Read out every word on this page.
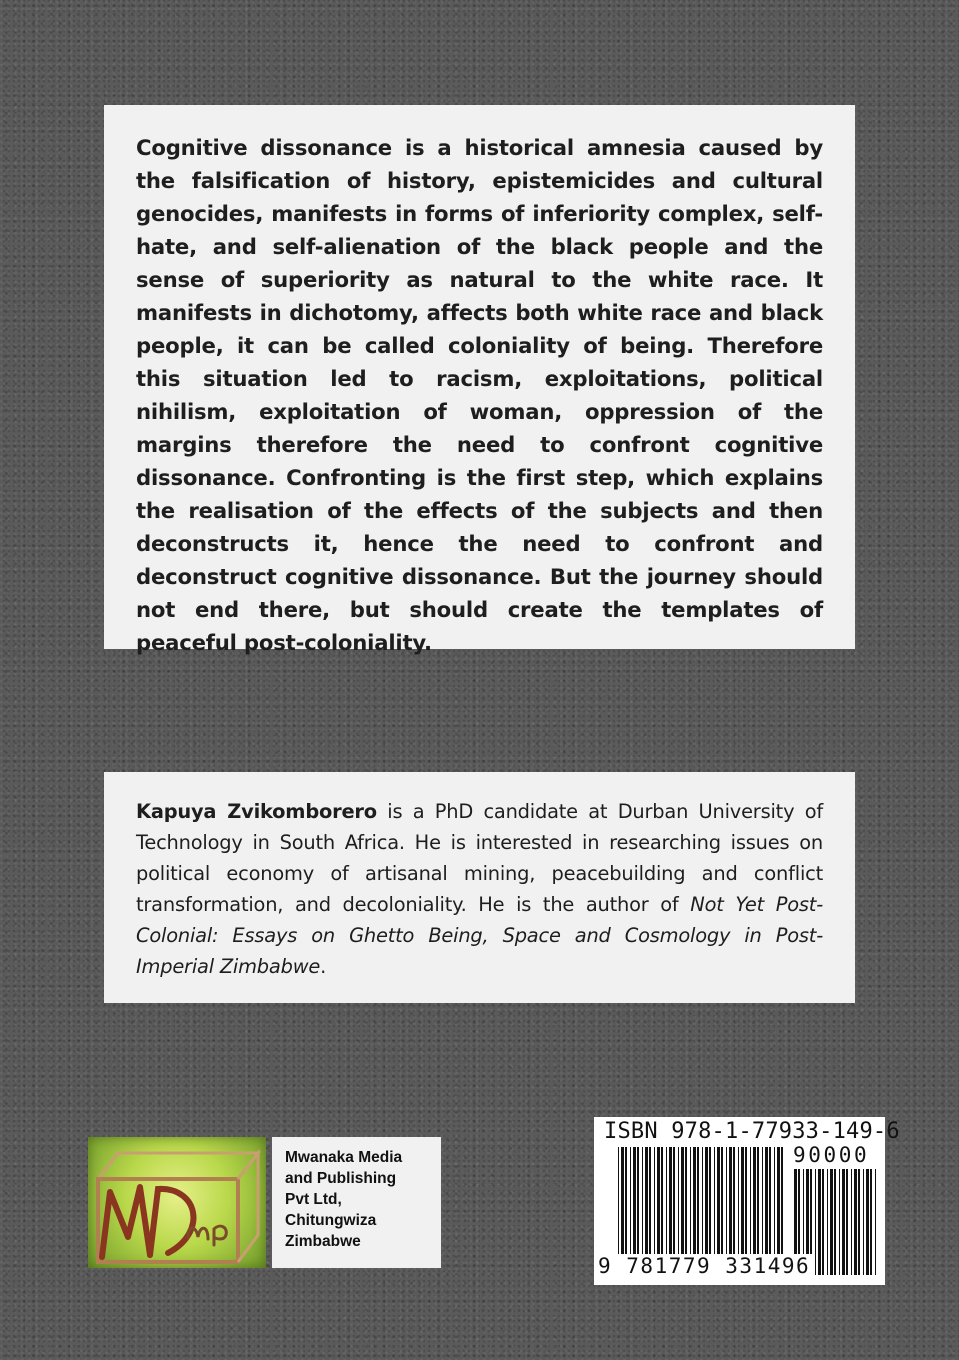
Cognitive dissonance is a historical amnesia caused by the falsification of history, epistemicides and cultural genocides, manifests in forms of inferiority complex, self-hate, and self-alienation of the black people and the sense of superiority as natural to the white race. It manifests in dichotomy, affects both white race and black people, it can be called coloniality of being. Therefore this situation led to racism, exploitations, political nihilism, exploitation of woman, oppression of the margins therefore the need to confront cognitive dissonance. Confronting is the first step, which explains the realisation of the effects of the subjects and then deconstructs it, hence the need to confront and deconstruct cognitive dissonance. But the journey should not end there, but should create the templates of peaceful post-coloniality.

Kapuya Zvikomborero is a PhD candidate at Durban University of Technology in South Africa. He is interested in researching issues on political economy of artisanal mining, peacebuilding and conflict transformation, and decoloniality. He is the author of Not Yet Post-Colonial: Essays on Ghetto Being, Space and Cosmology in Post-Imperial Zimbabwe.

Mwanaka Media
and Publishing
Pvt Ltd,
Chitungwiza
Zimbabwe
ISBN 978-1-77933-149-6
90000
9 781779 331496
